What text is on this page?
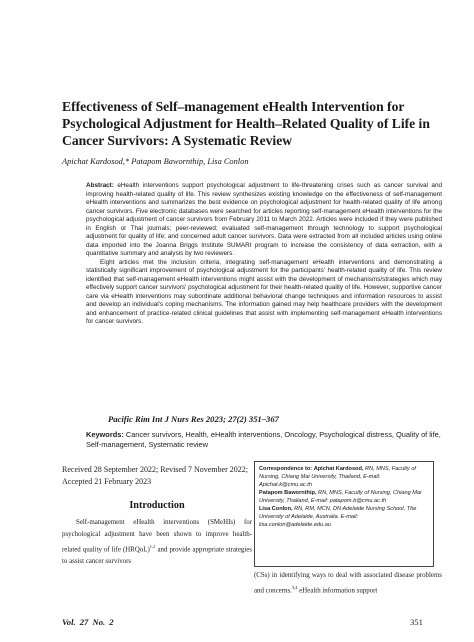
Effectiveness of Self–management eHealth Intervention for Psychological Adjustment for Health–Related Quality of Life in Cancer Survivors: A Systematic Review
Apichat Kardosod,* Patapom Bawornthip, Lisa Conlon

Abstract: eHealth interventions support psychological adjustment to life-threatening crises such as cancer survival and improving health-related quality of life. This review synthesizes existing knowledge on the effectiveness of self-management eHealth interventions and summarizes the best evidence on psychological adjustment for health-related quality of life among cancer survivors. Five electronic databases were searched for articles reporting self-management eHealth interventions for the psychological adjustment of cancer survivors from February 2011 to March 2022. Articles were included if they were published in English or Thai journals; peer-reviewed; evaluated self-management through technology to support psychological adjustment for quality of life; and concerned adult cancer survivors. Data were extracted from all included articles using online data imported into the Joanna Briggs Institute SUMARI program to increase the consistency of data extraction, with a quantitative summary and analysis by two reviewers.

Eight articles met the inclusion criteria, integrating self-management eHealth interventions and demonstrating a statistically significant improvement of psychological adjustment for the participants' health-related quality of life. This review identified that self-management eHealth interventions might assist with the development of mechanisms/strategies which may effectively support cancer survivors' psychological adjustment for their health-related quality of life. However, supportive cancer care via eHealth interventions may subordinate additional behavioral change techniques and information resources to assist and develop an individual's coping mechanisms. The information gained may help healthcare providers with the development and enhancement of practice-related clinical guidelines that assist with implementing self-management eHealth interventions for cancer survivors.

Pacific Rim Int J Nurs Res 2023; 27(2) 351–367
Keywords: Cancer survivors, Health, eHealth interventions, Oncology, Psychological distress, Quality of life, Self-management, Systematic review
Received 28 September 2022; Revised 7 November 2022; Accepted 21 February 2023
Introduction

Self-management eHealth interventions (SMeHIs) for psychological adjustment have been shown to improve health-related quality of life (HRQoL)$^{1,2}$ and provide appropriate strategies to assist cancer survivors

Correspondence to: Apichat Kardosod, RN, MNS, Faculty of Nursing, Chiang Mai University, Thailand, E-mail: Apichat.k@cmu.ac.th
Patapom Bawornthip, RN, MNS, Faculty of Nursing, Chiang Mai University, Thailand, E-mail: patapom.b@cmu.ac.th
Lisa Conlon, RN, RM, MCN, DN Adelaide Nursing School, The University of Adelaide, Australia. E-mail: lisa.conlon@adelaide.edu.au

(CSs) in identifying ways to deal with associated disease problems and concerns.$^{3,4}$ eHealth information support

Vol. 27 No. 2	351
